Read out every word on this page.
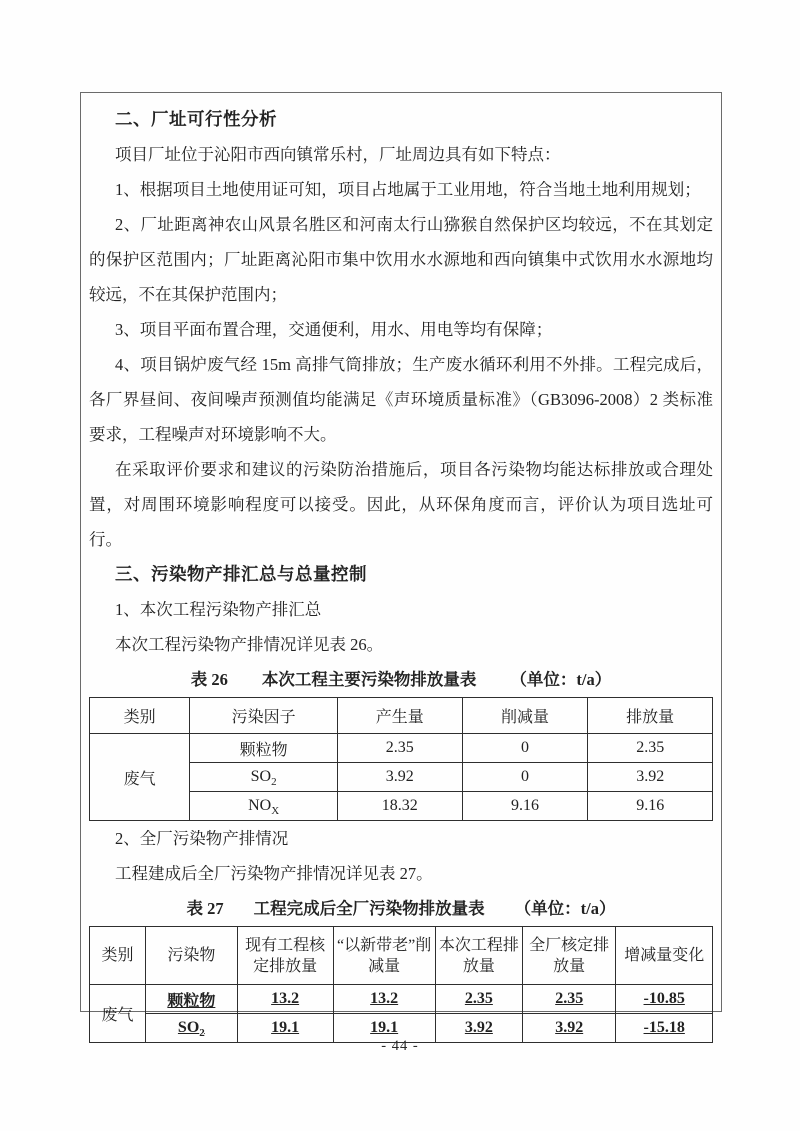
二、厂址可行性分析

项目厂址位于沁阳市西向镇常乐村，厂址周边具有如下特点：

1、根据项目土地使用证可知，项目占地属于工业用地，符合当地土地利用规划；

2、厂址距离神农山风景名胜区和河南太行山猕猴自然保护区均较远，不在其划定的保护区范围内；厂址距离沁阳市集中饮用水水源地和西向镇集中式饮用水水源地均较远，不在其保护范围内；

3、项目平面布置合理，交通便利，用水、用电等均有保障；

4、项目锅炉废气经 15m 高排气筒排放；生产废水循环利用不外排。工程完成后，各厂界昼间、夜间噪声预测值均能满足《声环境质量标准》（GB3096-2008）2 类标准要求，工程噪声对环境影响不大。

在采取评价要求和建议的污染防治措施后，项目各污染物均能达标排放或合理处置，对周围环境影响程度可以接受。因此，从环保角度而言，评价认为项目选址可行。

三、污染物产排汇总与总量控制

1、本次工程污染物产排汇总

本次工程污染物产排情况详见表 26。

表 26 本次工程主要污染物排放量表 （单位：t/a）
类别	污染因子	产生量	削减量	排放量
废气	颗粒物	2.35	0	2.35
	$SO_2$	3.92	0	3.92
	$NO_X$	18.32	9.16	9.16

2、全厂污染物产排情况

工程建成后全厂污染物产排情况详见表 27。

表 27 工程完成后全厂污染物排放量表 （单位：t/a）
类别	污染物	现有工程核定排放量	“以新带老”削减量	本次工程排放量	全厂核定排放量	增减量变化
废气	颗粒物	13.2	13.2	2.35	2.35	-10.85
	$SO_2$	19.1	19.1	3.92	3.92	-15.18
- 44 -
